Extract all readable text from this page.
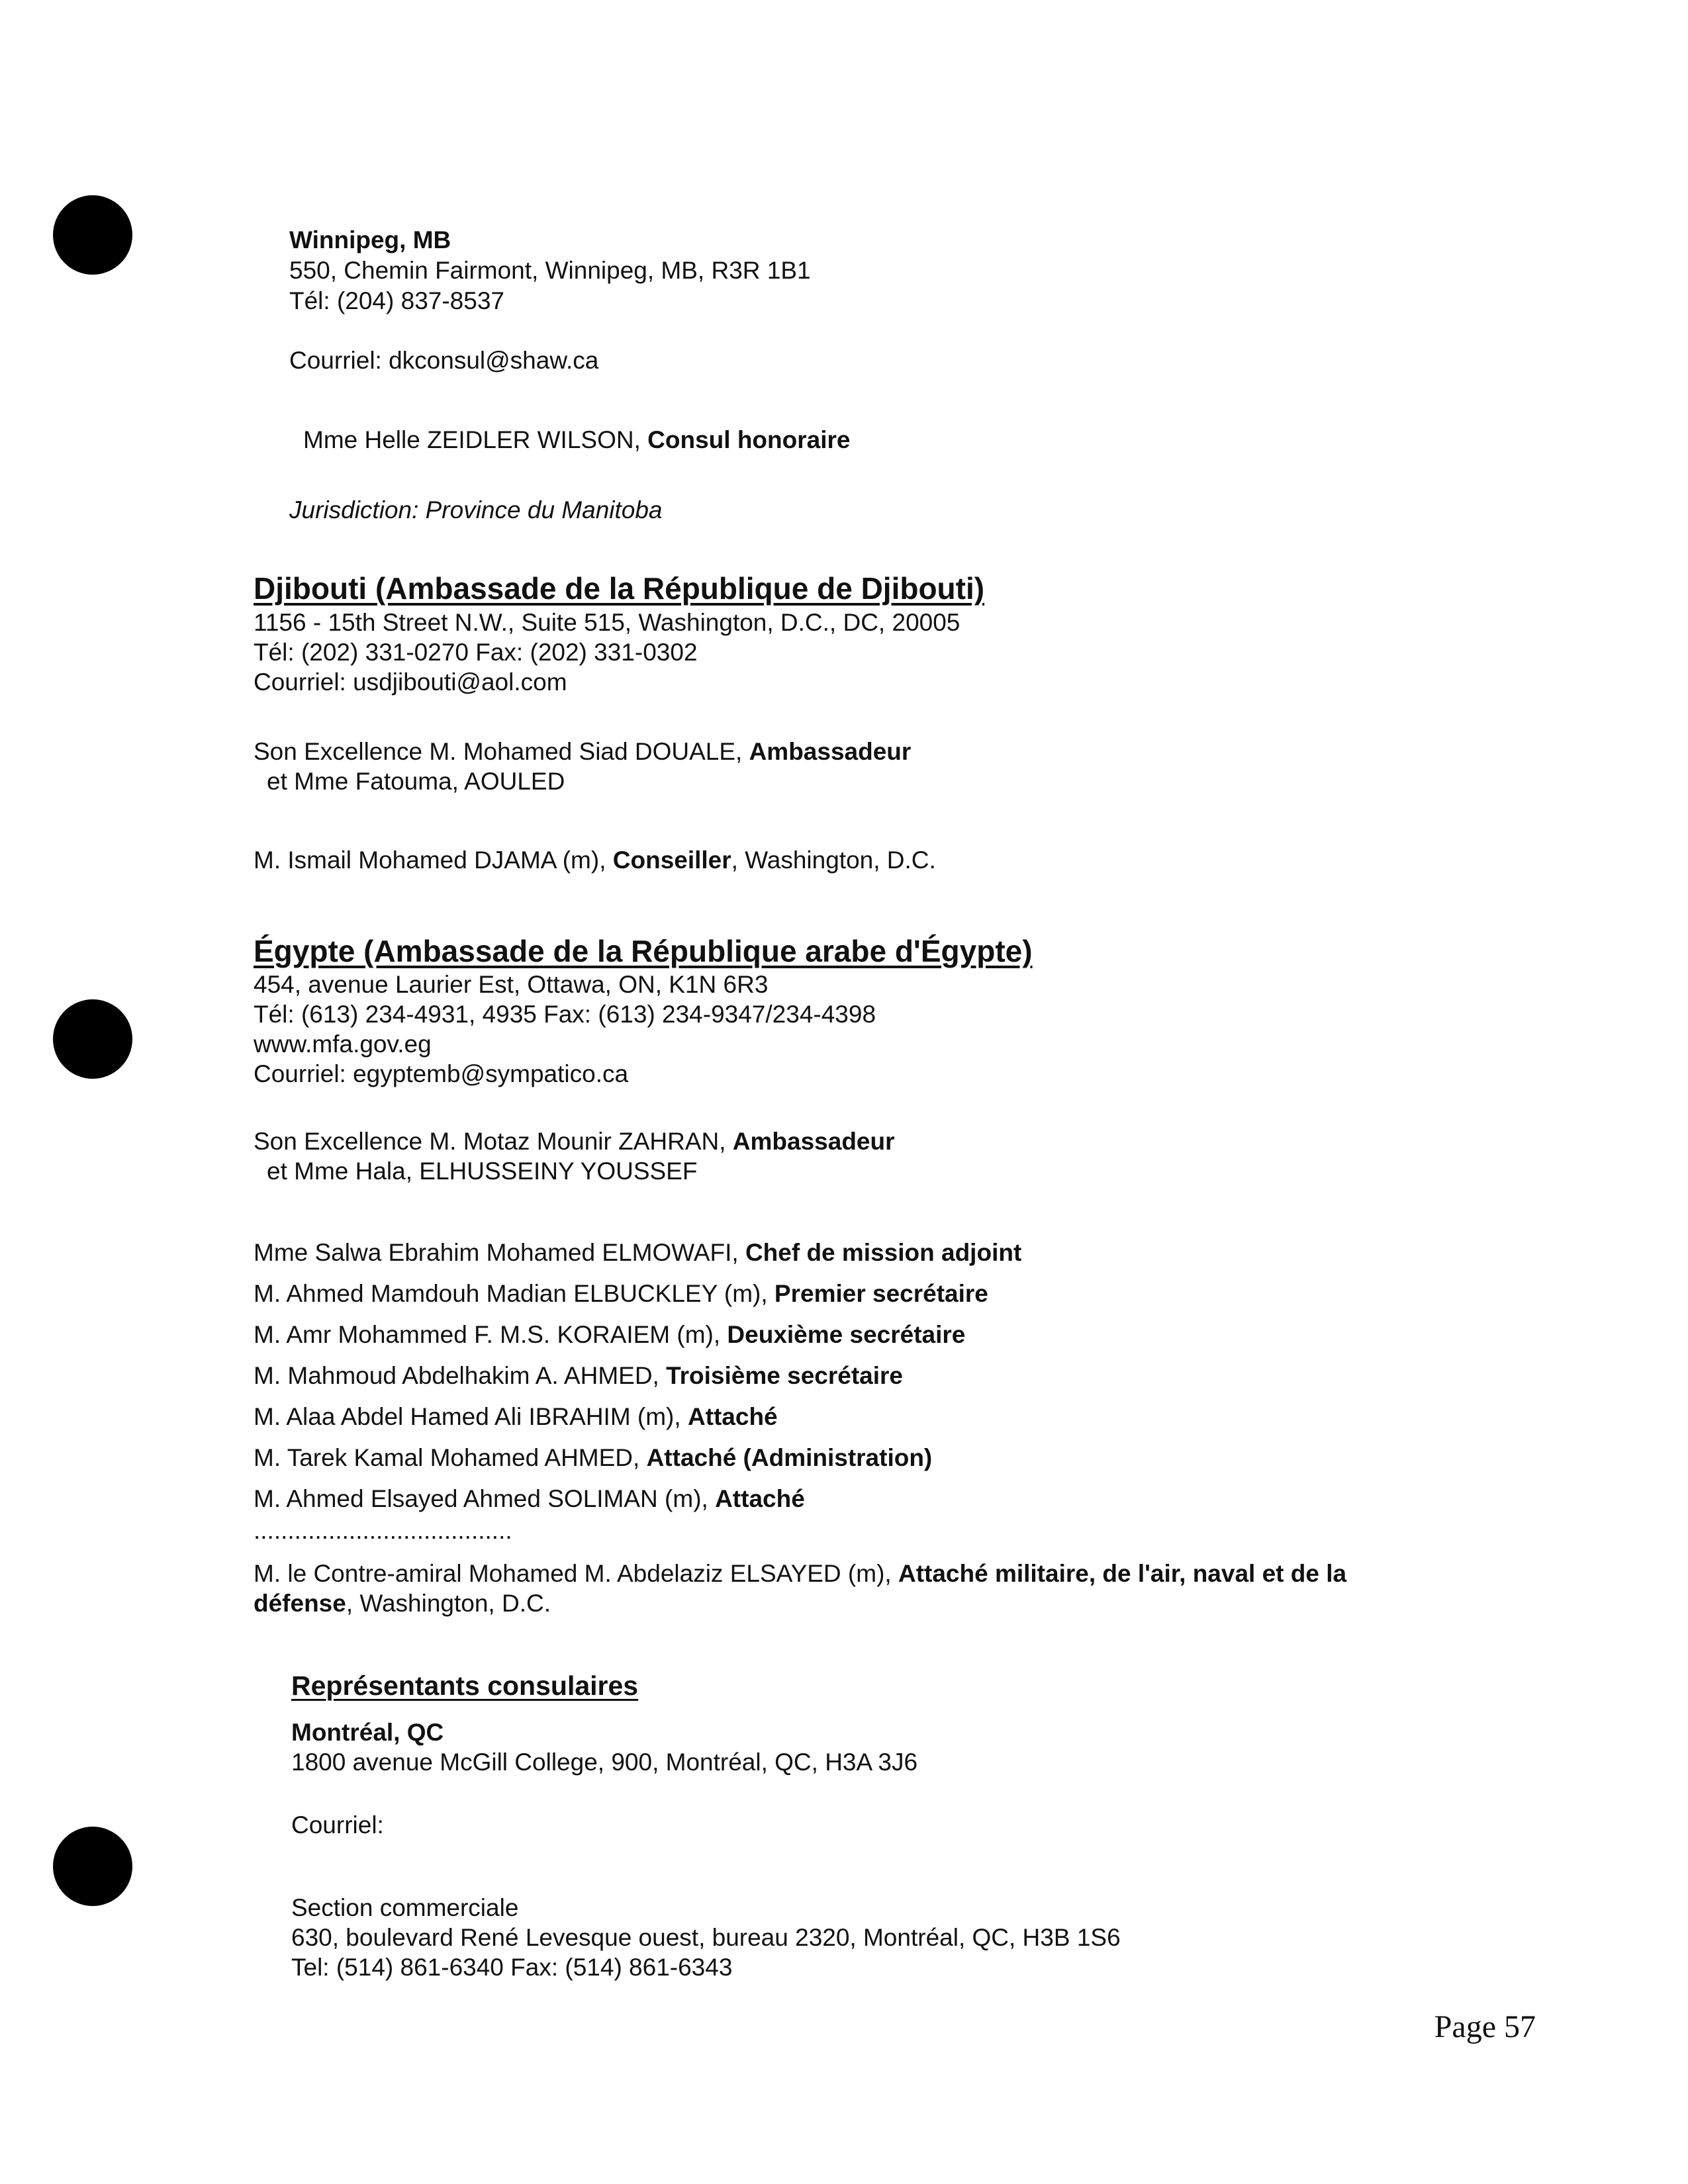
Winnipeg, MB

550, Chemin Fairmont, Winnipeg, MB, R3R 1B1

Tél: (204) 837-8537

Courriel: dkconsul@shaw.ca

Mme Helle ZEIDLER WILSON, Consul honoraire

Jurisdiction: Province du Manitoba

Djibouti (Ambassade de la République de Djibouti)

1156 - 15th Street N.W., Suite 515, Washington, D.C., DC, 20005

Tél: (202) 331-0270 Fax: (202) 331-0302

Courriel: usdjibouti@aol.com

Son Excellence M. Mohamed Siad DOUALE, Ambassadeur

et Mme Fatouma, AOULED

M. Ismail Mohamed DJAMA (m), Conseiller, Washington, D.C.

Égypte (Ambassade de la République arabe d'Égypte)

454, avenue Laurier Est, Ottawa, ON, K1N 6R3

Tél: (613) 234-4931, 4935 Fax: (613) 234-9347/234-4398

www.mfa.gov.eg

Courriel: egyptemb@sympatico.ca

Son Excellence M. Motaz Mounir ZAHRAN, Ambassadeur

et Mme Hala, ELHUSSEINY YOUSSEF

Mme Salwa Ebrahim Mohamed ELMOWAFI, Chef de mission adjoint

M. Ahmed Mamdouh Madian ELBUCKLEY (m), Premier secrétaire

M. Amr Mohammed F. M.S. KORAIEM (m), Deuxième secrétaire

M. Mahmoud Abdelhakim A. AHMED, Troisième secrétaire

M. Alaa Abdel Hamed Ali IBRAHIM (m), Attaché

M. Tarek Kamal Mohamed AHMED, Attaché (Administration)

M. Ahmed Elsayed Ahmed SOLIMAN (m), Attaché

......................................

M. le Contre-amiral Mohamed M. Abdelaziz ELSAYED (m), Attaché militaire, de l'air, naval et de la

défense, Washington, D.C.

Représentants consulaires

Montréal, QC

1800 avenue McGill College, 900, Montréal, QC, H3A 3J6

Courriel:

Section commerciale

630, boulevard René Levesque ouest, bureau 2320, Montréal, QC, H3B 1S6

Tel: (514) 861-6340 Fax: (514) 861-6343

Page 57
